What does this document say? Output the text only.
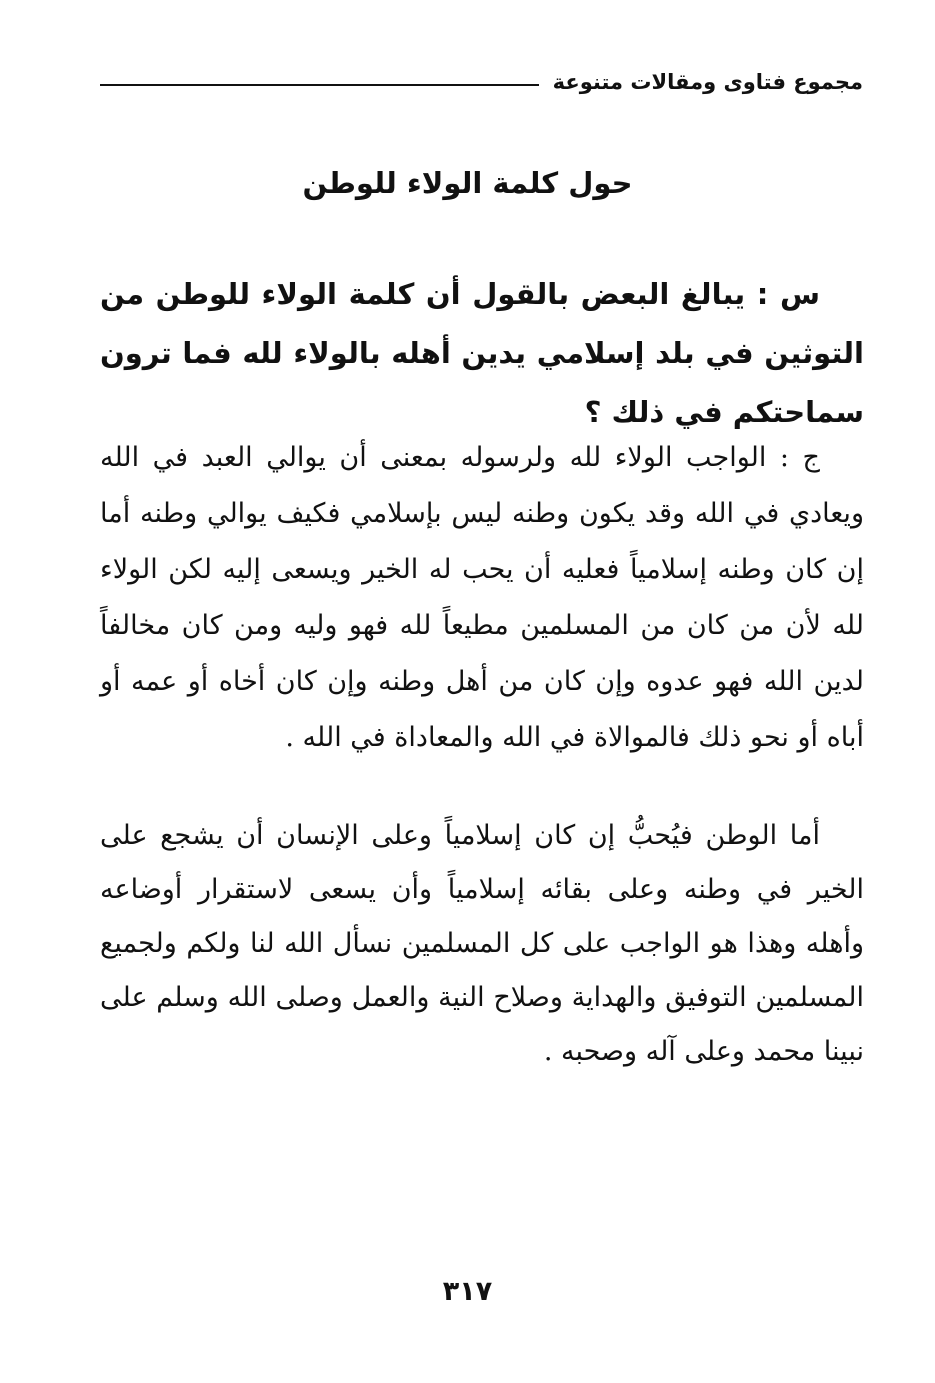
مجموع فتاوى ومقالات متنوعة
حول كلمة الولاء للوطن

س : يبالغ البعض بالقول أن كلمة الولاء للوطن من التوثين في بلد إسلامي يدين أهله بالولاء لله فما ترون سماحتكم في ذلك ؟

ج : الواجب الولاء لله ولرسوله بمعنى أن يوالي العبد في الله ويعادي في الله وقد يكون وطنه ليس بإسلامي فكيف يوالي وطنه أما إن كان وطنه إسلامياً فعليه أن يحب له الخير ويسعى إليه لكن الولاء لله لأن من كان من المسلمين مطيعاً لله فهو وليه ومن كان مخالفاً لدين الله فهو عدوه وإن كان من أهل وطنه وإن كان أخاه أو عمه أو أباه أو نحو ذلك فالموالاة في الله والمعاداة في الله .

أما الوطن فيُحبُّ إن كان إسلامياً وعلى الإنسان أن يشجع على الخير في وطنه وعلى بقائه إسلامياً وأن يسعى لاستقرار أوضاعه وأهله وهذا هو الواجب على كل المسلمين نسأل الله لنا ولكم ولجميع المسلمين التوفيق والهداية وصلاح النية والعمل وصلى الله وسلم على نبينا محمد وعلى آله وصحبه .

٣١٧
